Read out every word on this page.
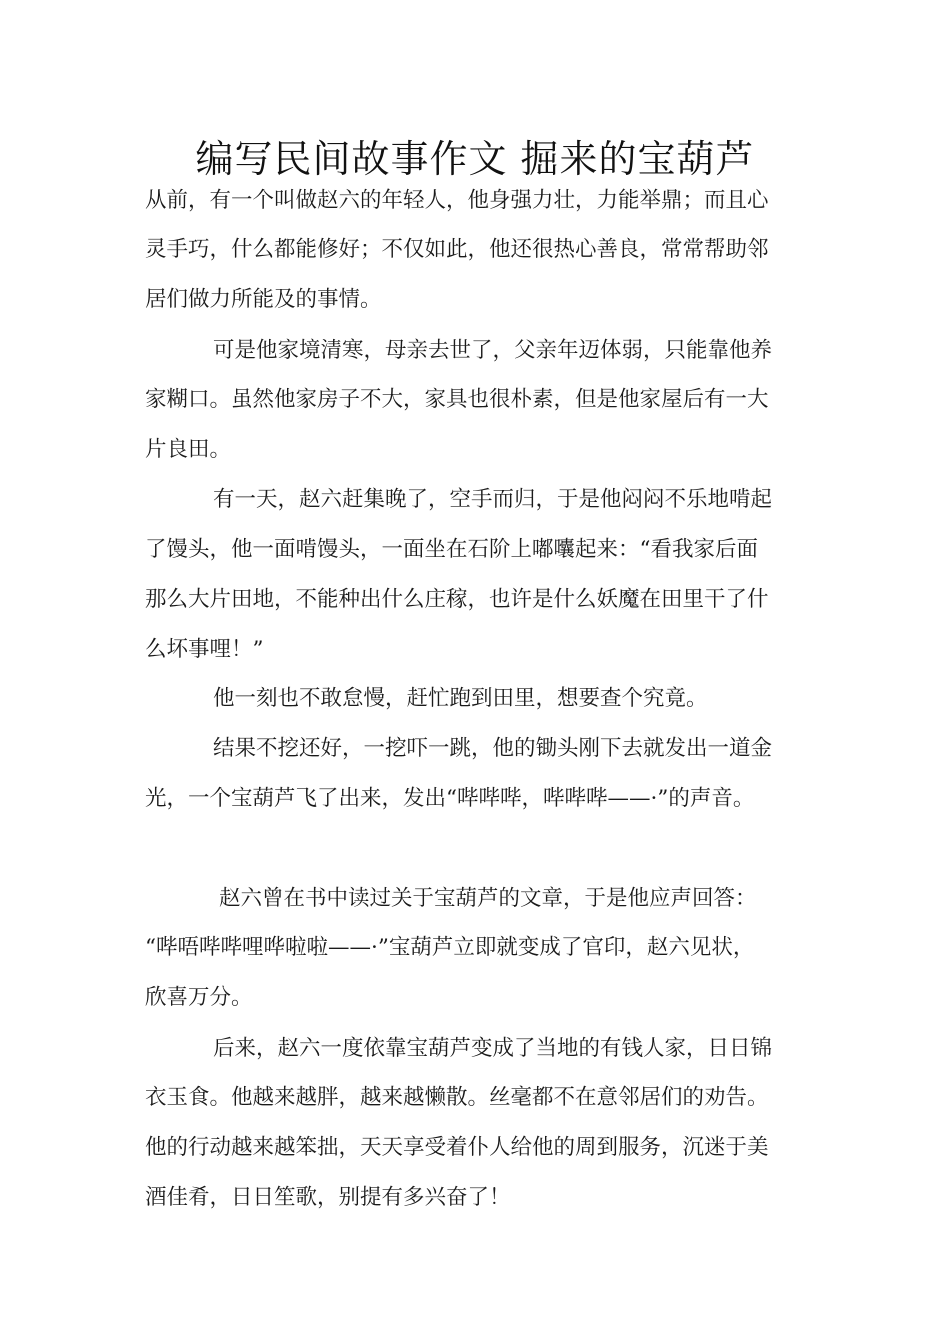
编写民间故事作文 掘来的宝葫芦
从前，有一个叫做赵六的年轻人，他身强力壮，力能举鼎；而且心
灵手巧，什么都能修好；不仅如此，他还很热心善良，常常帮助邻
居们做力所能及的事情。
可是他家境清寒，母亲去世了，父亲年迈体弱，只能靠他养
家糊口。虽然他家房子不大，家具也很朴素，但是他家屋后有一大
片良田。
有一天，赵六赶集晚了，空手而归，于是他闷闷不乐地啃起
了馒头，他一面啃馒头，一面坐在石阶上嘟囔起来：“看我家后面
那么大片田地，不能种出什么庄稼，也许是什么妖魔在田里干了什
么坏事哩！”
他一刻也不敢怠慢，赶忙跑到田里，想要查个究竟。
结果不挖还好，一挖吓一跳，他的锄头刚下去就发出一道金
光，一个宝葫芦飞了出来，发出“哔哔哔，哔哔哔——·”的声音。
赵六曾在书中读过关于宝葫芦的文章，于是他应声回答：
“哔唔哔哔哩哗啦啦——·”宝葫芦立即就变成了官印，赵六见状，
欣喜万分。
后来，赵六一度依靠宝葫芦变成了当地的有钱人家，日日锦
衣玉食。他越来越胖，越来越懒散。丝毫都不在意邻居们的劝告。
他的行动越来越笨拙，天天享受着仆人给他的周到服务，沉迷于美
酒佳肴，日日笙歌，别提有多兴奋了！
